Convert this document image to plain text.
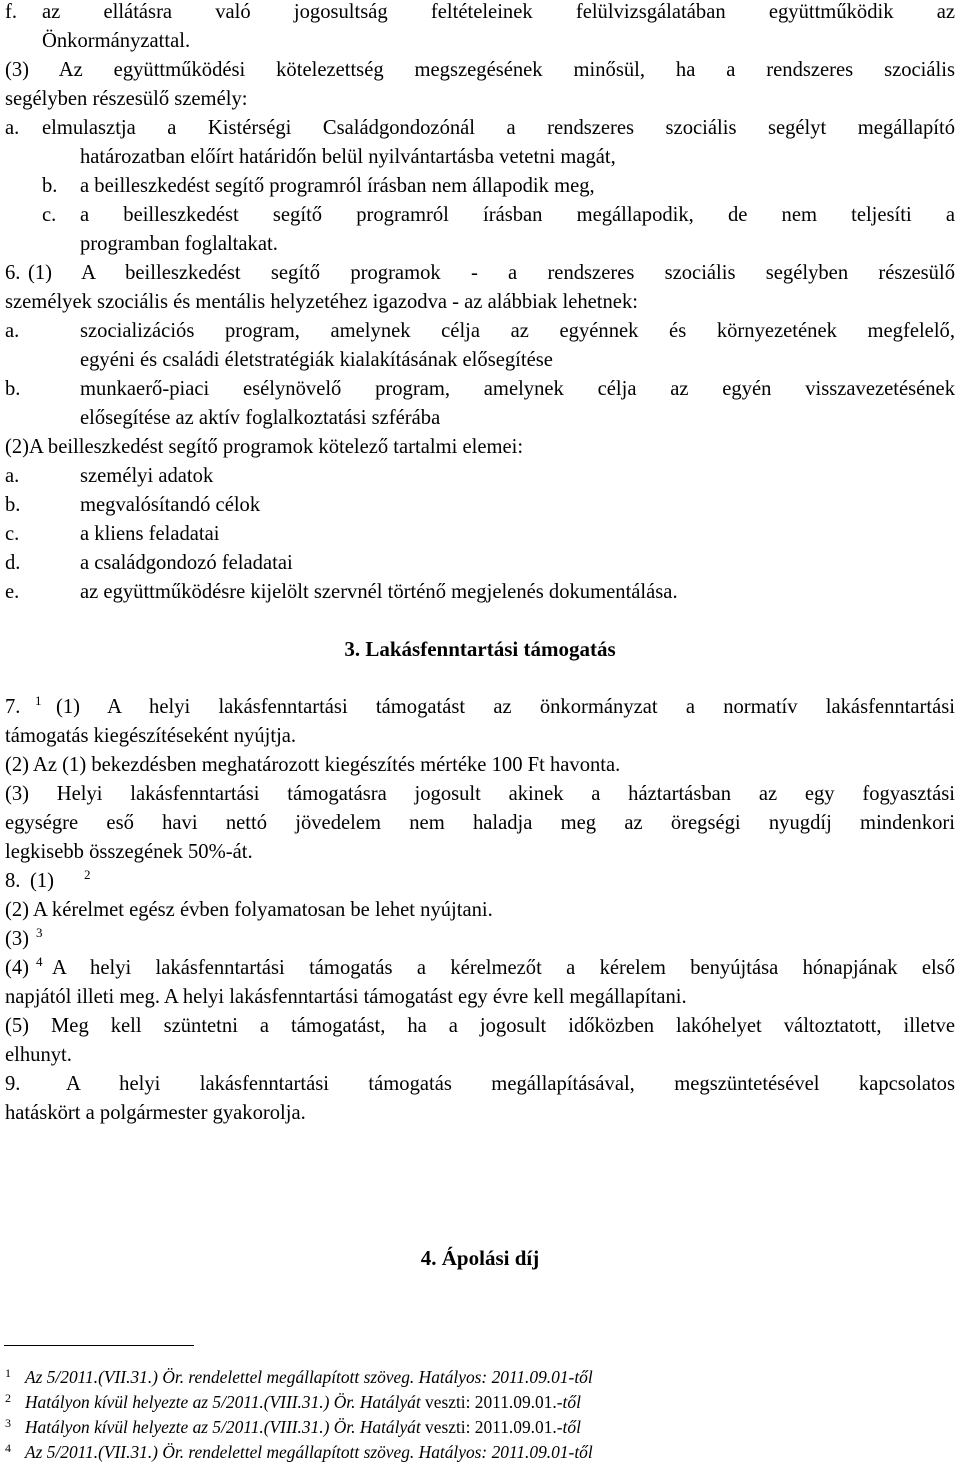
f. az ellátásra való jogosultság feltételeinek felülvizsgálatában együttműködik az
Önkormányzattal.
(3) Az együttműködési kötelezettség megszegésének minősül, ha a rendszeres szociális
segélyben részesülő személy:
a. elmulasztja a Kistérségi Családgondozónál a rendszeres szociális segélyt megállapító
határozatban előírt határidőn belül nyilvántartásba vetetni magát,
b. a beilleszkedést segítő programról írásban nem állapodik meg,
c. a beilleszkedést segítő programról írásban megállapodik, de nem teljesíti a
programban foglaltakat.
6. (1) A beilleszkedést segítő programok - a rendszeres szociális segélyben részesülő
személyek szociális és mentális helyzetéhez igazodva - az alábbiak lehetnek:
a.	szocializációs program, amelynek célja az egyénnek és környezetének megfelelő,
egyéni és családi életstratégiák kialakításának elősegítése
b.	munkaerő-piaci esélynövelő program, amelynek célja az egyén visszavezetésének
elősegítése az aktív foglalkoztatási szférába
(2)A beilleszkedést segítő programok kötelező tartalmi elemei:
a.	személyi adatok
b.	megvalósítandó célok
c.	a kliens feladatai
d.	a családgondozó feladatai
e.	az együttműködésre kijelölt szervnél történő megjelenés dokumentálása.
3. Lakásfenntartási támogatás
7. 1 (1) A helyi lakásfenntartási támogatást az önkormányzat a normatív lakásfenntartási
támogatás kiegészítéseként nyújtja.
(2) Az (1) bekezdésben meghatározott kiegészítés mértéke 100 Ft havonta.
(3) Helyi lakásfenntartási támogatásra jogosult akinek a háztartásban az egy fogyasztási
egységre eső havi nettó jövedelem nem haladja meg az öregségi nyugdíj mindenkori
legkisebb összegének 50%-át.
8. (1) 2
(2) A kérelmet egész évben folyamatosan be lehet nyújtani.
(3) 3
(4) 4 A helyi lakásfenntartási támogatás a kérelmezőt a kérelem benyújtása hónapjának első
napjától illeti meg. A helyi lakásfenntartási támogatást egy évre kell megállapítani.
(5) Meg kell szüntetni a támogatást, ha a jogosult időközben lakóhelyet változtatott, illetve
elhunyt.
9. A helyi lakásfenntartási támogatás megállapításával, megszüntetésével kapcsolatos
hatáskört a polgármester gyakorolja.
4. Ápolási díj
1 Az 5/2011.(VII.31.) Ör. rendelettel megállapított szöveg. Hatályos: 2011.09.01-től
2 Hatályon kívül helyezte az 5/2011.(VIII.31.) Ör. Hatályát veszti: 2011.09.01.-től
3 Hatályon kívül helyezte az 5/2011.(VIII.31.) Ör. Hatályát veszti: 2011.09.01.-től
4 Az 5/2011.(VII.31.) Ör. rendelettel megállapított szöveg. Hatályos: 2011.09.01-től
